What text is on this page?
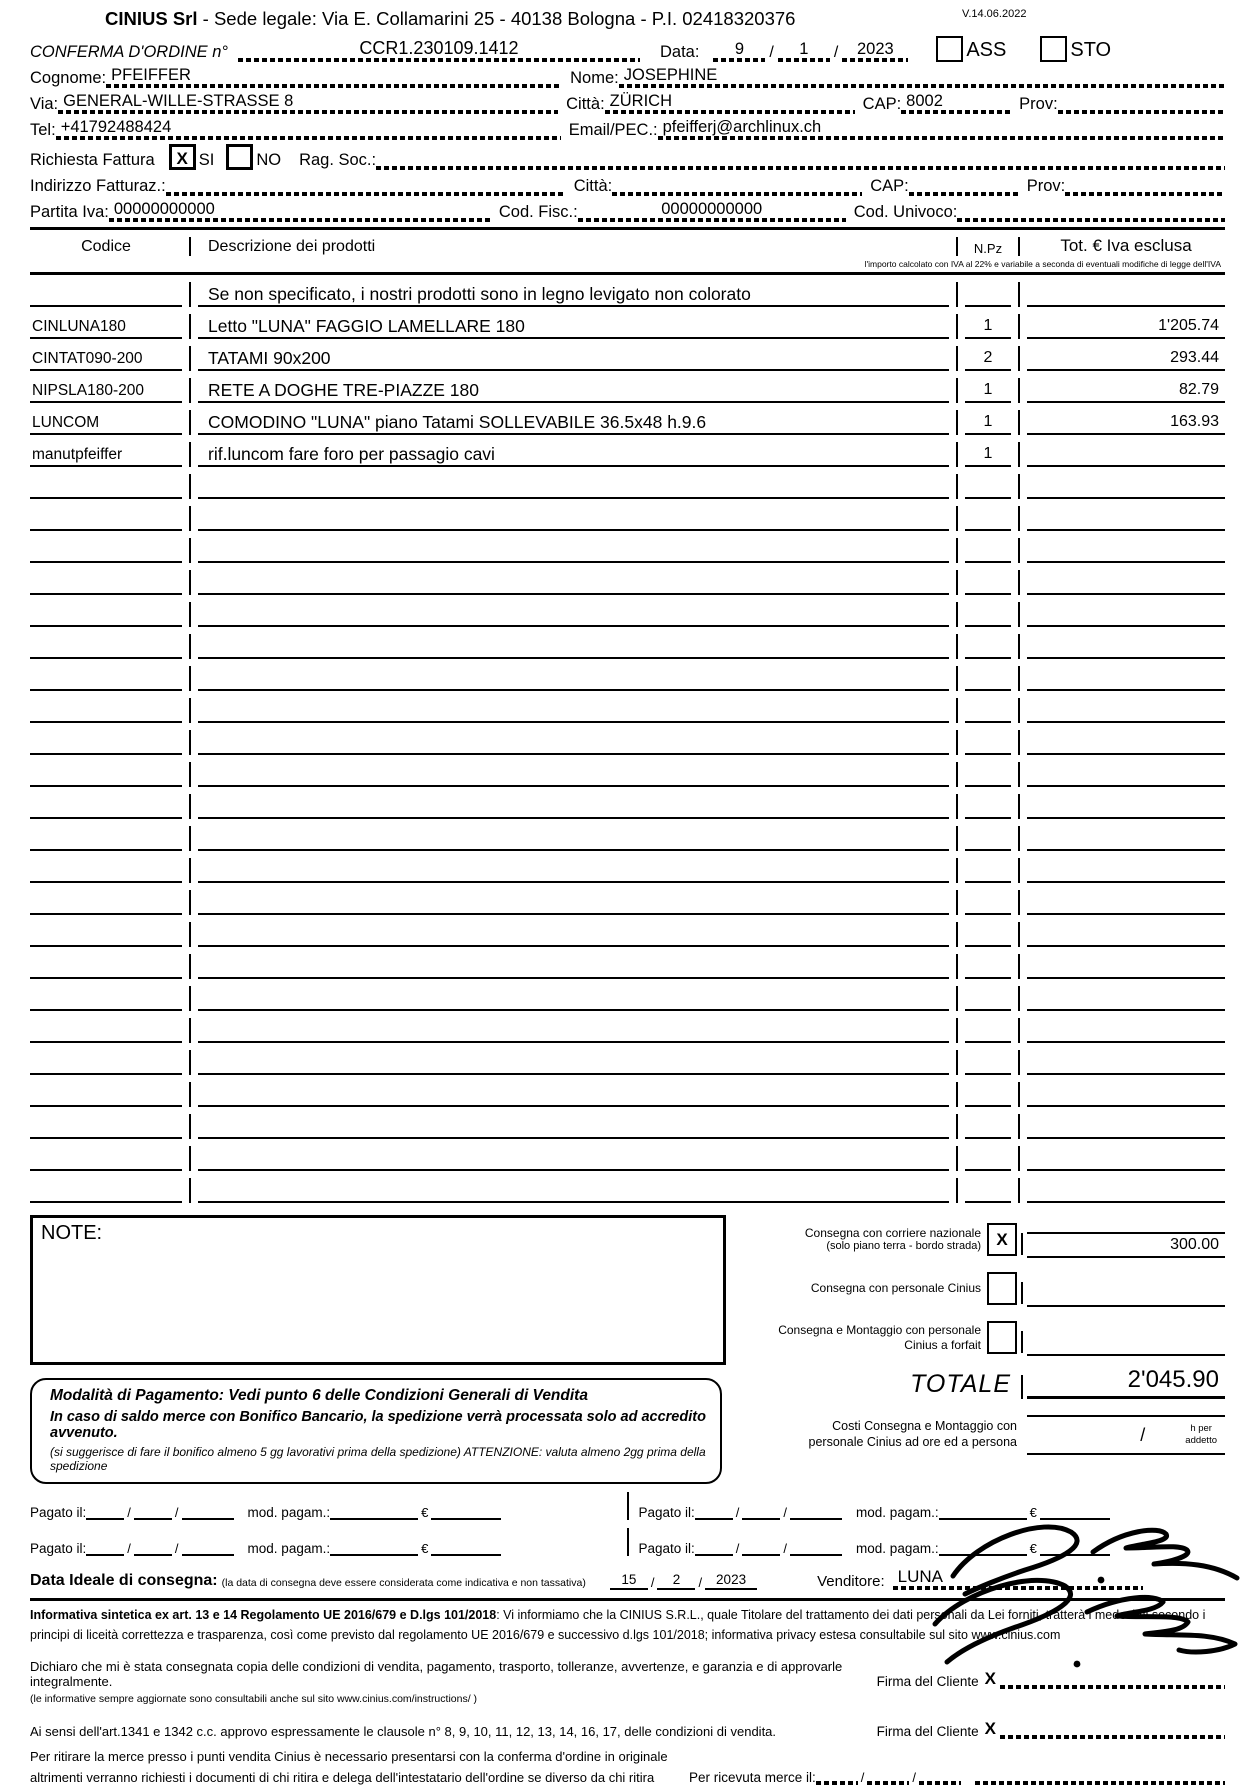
V.14.06.2022
CINIUS Srl - Sede legale: Via E. Collamarini 25 - 40138 Bologna - P.I. 02418320376
CONFERMA D'ORDINE n°	CCR1.230109.1412	Data:	9	/	1	/	2023	ASS	STO
Cognome: PFEIFFER	Nome: JOSEPHINE
Via: GENERAL-WILLE-STRASSE 8	Città: ZÜRICH	CAP: 8002	Prov:
Tel: +41792488424	Email/PEC.: pfeifferj@archlinux.ch
Richiesta Fattura	X SI	NO Rag. Soc.:
Indirizzo Fatturaz.:	Città:	CAP:	Prov:
Partita Iva: 00000000000	Cod. Fisc.:	00000000000	Cod. Univoco:
Codice	Descrizione dei prodotti	N.Pz	Tot. € Iva esclusa
l'importo calcolato con IVA al 22% e variabile a seconda di eventuali modifiche di legge dell'IVA
Se non specificato, i nostri prodotti sono in legno levigato non colorato
CINLUNA180	Letto "LUNA" FAGGIO LAMELLARE 180	1	1'205.74
CINTAT090-200	TATAMI 90x200	2	293.44
NIPSLA180-200	RETE A DOGHE TRE-PIAZZE 180	1	82.79
LUNCOM	COMODINO "LUNA" piano Tatami SOLLEVABILE 36.5x48 h.9.6	1	163.93
manutpfeiffer	rif.luncom fare foro per passagio cavi	1
NOTE:
Modalità di Pagamento: Vedi punto 6 delle Condizioni Generali di Vendita
In caso di saldo merce con Bonifico Bancario, la spedizione verrà processata solo ad accredito avvenuto.
(si suggerisce di fare il bonifico almeno 5 gg lavorativi prima della spedizione) ATTENZIONE: valuta almeno 2gg prima della spedizione
Consegna con corriere nazionale
(solo piano terra - bordo strada) X	300.00
Consegna con personale Cinius
Consegna e Montaggio con personale
Cinius a forfait
TOTALE	2'045.90
Costi Consegna e Montaggio con
personale Cinius ad ore ed a persona	/	h per
addetto
Pagato il:	/	/	mod. pagam.:	€	Pagato il:	/	/	mod. pagam.:	€
Pagato il:	/	/	mod. pagam.:	€	Pagato il:	/	/	mod. pagam.:	€
Data Ideale di consegna: (la data di consegna deve essere considerata come indicativa e non tassativa)	15	/	2	/	2023	Venditore: LUNA

Informativa sintetica ex art. 13 e 14 Regolamento UE 2016/679 e D.lgs 101/2018: Vi informiamo che la CINIUS S.R.L., quale Titolare del trattamento dei dati personali da Lei forniti, tratterà i medesimi secondo i principi di liceità correttezza e trasparenza, così come previsto dal regolamento UE 2016/679 e successivo d.lgs 101/2018; informativa privacy estesa consultabile sul sito www.cinius.com

Dichiaro che mi è stata consegnata copia delle condizioni di vendita, pagamento, trasporto, tolleranze, avvertenze, e garanzia e di approvarle integralmente.	Firma del Cliente X
(le informative sempre aggiornate sono consultabili anche sul sito www.cinius.com/instructions/ )
Ai sensi dell'art.1341 e 1342 c.c. approvo espressamente le clausole n° 8, 9, 10, 11, 12, 13, 14, 16, 17, delle condizioni di vendita.	Firma del Cliente X
Per ritirare la merce presso i punti vendita Cinius è necessario presentarsi con la conferma d'ordine in originale
altrimenti verranno richiesti i documenti di chi ritira e delega dell'intestatario dell'ordine se diverso da chi ritira	Per ricevuta merce il:	/	/
